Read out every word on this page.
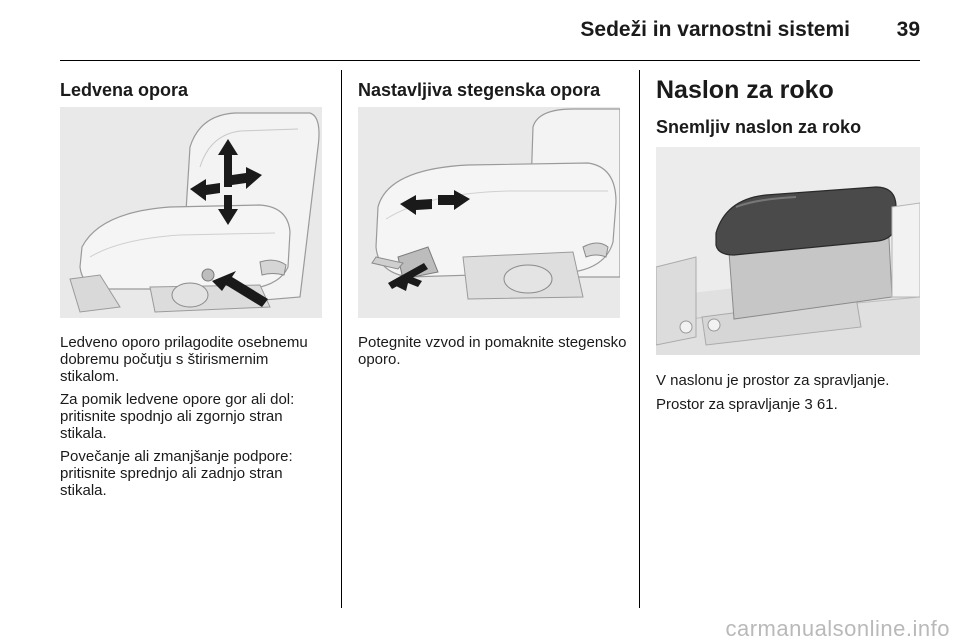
Sedeži in varnostni sistemi	39
Ledvena opora

Ledveno oporo prilagodite osebnemu dobremu počutju s štirismernim stikalom.

Za pomik ledvene opore gor ali dol: pritisnite spodnjo ali zgornjo stran stikala.

Povečanje ali zmanjšanje podpore: pritisnite sprednjo ali zadnjo stran stikala.

Nastavljiva stegenska opora

Potegnite vzvod in pomaknite stegensko oporo.

Naslon za roko
Snemljiv naslon za roko

V naslonu je prostor za spravljanje.

Prostor za spravljanje 3 61.

carmanualsonline.info
